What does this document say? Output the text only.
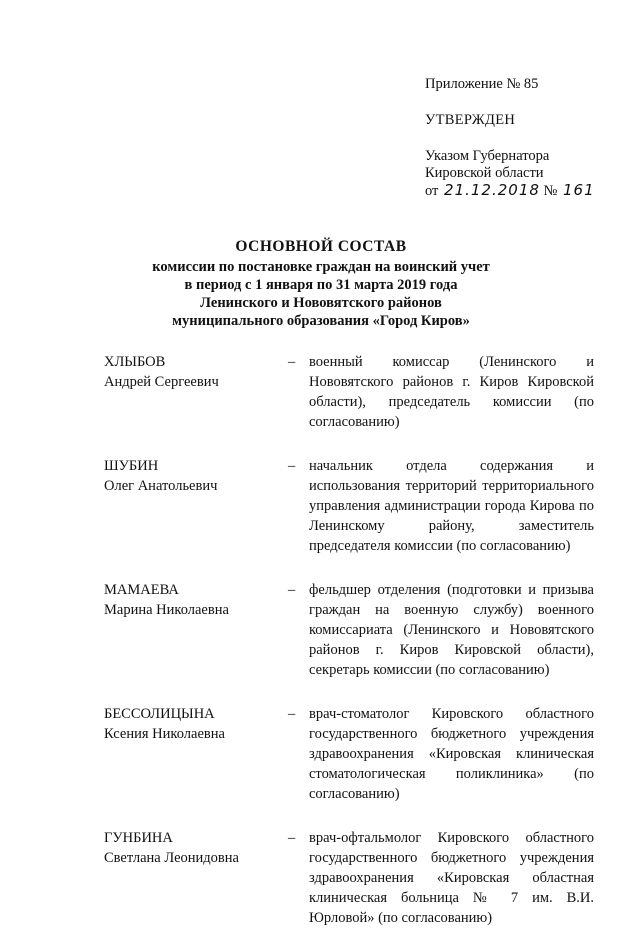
Приложение № 85
УТВЕРЖДЕН
Указом Губернатора
Кировской области
от 21.12.2018 № 161
ОСНОВНОЙ СОСТАВ
комиссии по постановке граждан на воинский учет
в период с 1 января по 31 марта 2019 года
Ленинского и Нововятского районов
муниципального образования «Город Киров»
ХЛЫБОВ
Андрей Сергеевич
– военный комиссар (Ленинского и Нововятского районов г. Киров Кировской области), председатель комиссии (по согласованию)
ШУБИН
Олег Анатольевич
– начальник отдела содержания и использования территорий территориального управления администрации города Кирова по Ленинскому району, заместитель председателя комиссии (по согласованию)
МАМАЕВА
Марина Николаевна
– фельдшер отделения (подготовки и призыва граждан на военную службу) военного комиссариата (Ленинского и Нововятского районов г. Киров Кировской области), секретарь комиссии (по согласованию)
БЕССОЛИЦЫНА
Ксения Николаевна
– врач-стоматолог Кировского областного государственного бюджетного учреждения здравоохранения «Кировская клиническая стоматологическая поликлиника» (по согласованию)
ГУНБИНА
Светлана Леонидовна
– врач-офтальмолог Кировского областного государственного бюджетного учреждения здравоохранения «Кировская областная клиническая больница № 7 им. В.И. Юрловой» (по согласованию)
